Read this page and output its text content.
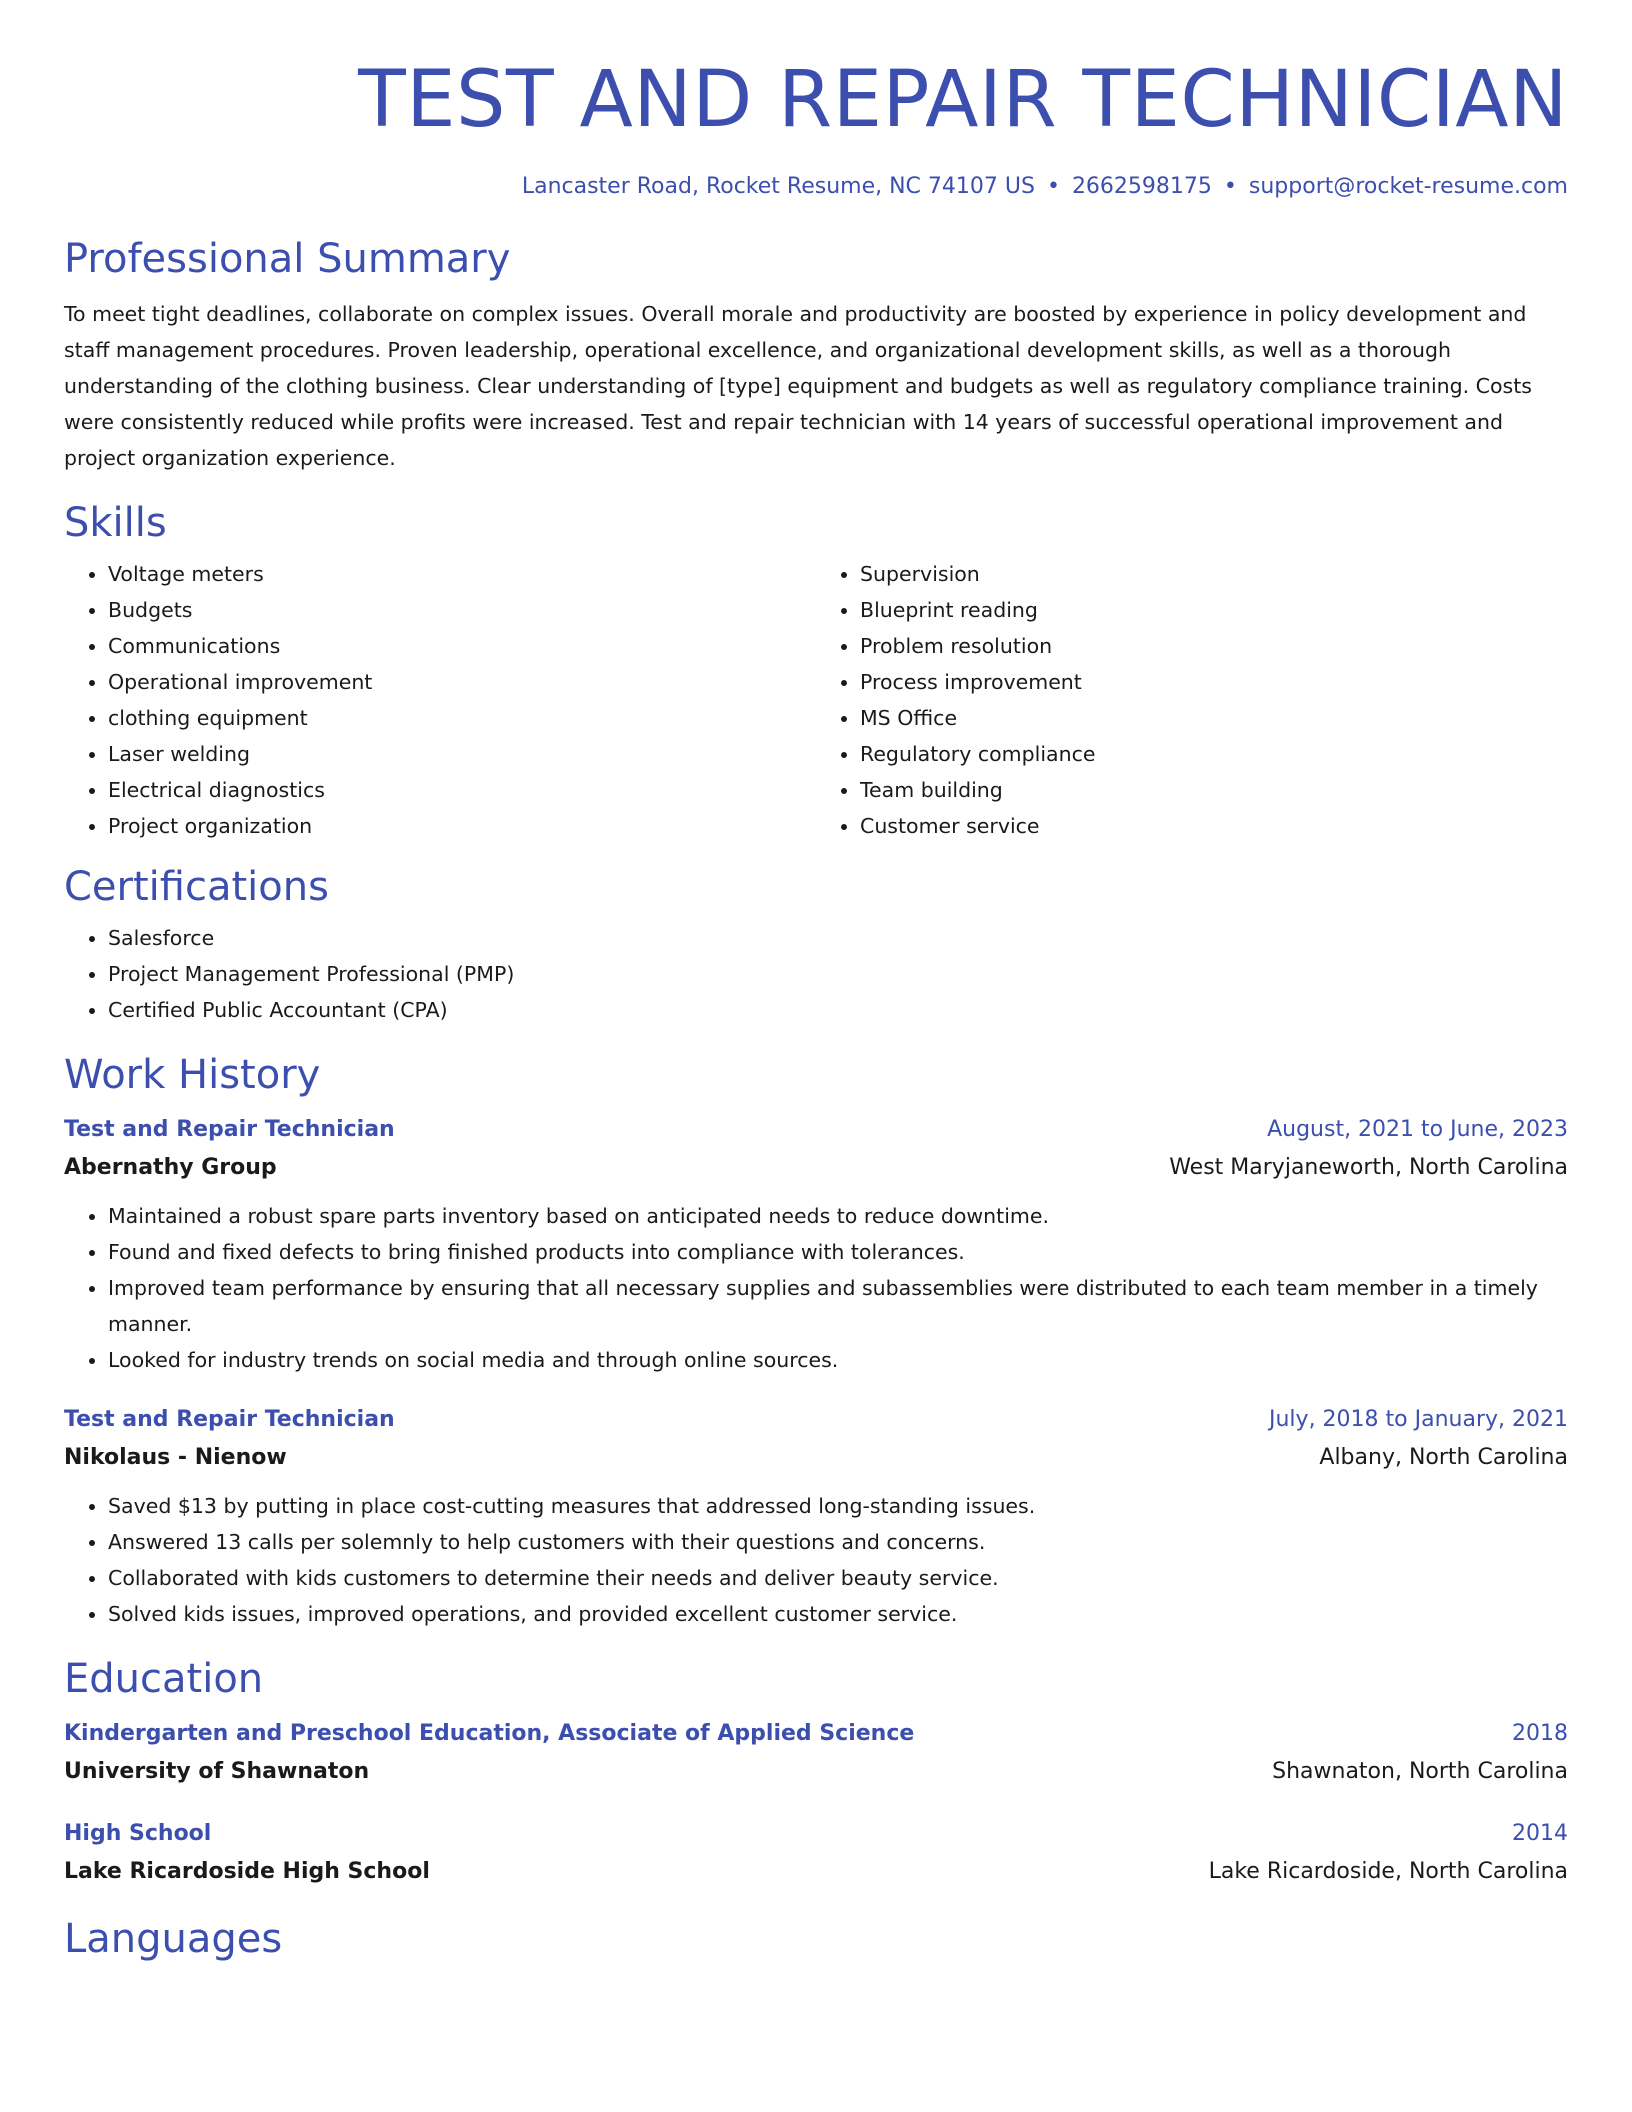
TEST AND REPAIR TECHNICIAN
Lancaster Road, Rocket Resume, NC 74107 US • 2662598175 • support@rocket-resume.com
Professional Summary

To meet tight deadlines, collaborate on complex issues. Overall morale and productivity are boosted by experience in policy development and staff management procedures. Proven leadership, operational excellence, and organizational development skills, as well as a thorough understanding of the clothing business. Clear understanding of [type] equipment and budgets as well as regulatory compliance training. Costs were consistently reduced while profits were increased. Test and repair technician with 14 years of successful operational improvement and project organization experience.

Skills
• Voltage meters
• Budgets
• Communications
• Operational improvement
• clothing equipment
• Laser welding
• Electrical diagnostics
• Project organization
• Supervision
• Blueprint reading
• Problem resolution
• Process improvement
• MS Office
• Regulatory compliance
• Team building
• Customer service
Certifications
• Salesforce
• Project Management Professional (PMP)
• Certified Public Accountant (CPA)
Work History
Test and Repair Technician	August, 2021 to June, 2023
Abernathy Group	West Maryjaneworth, North Carolina
• Maintained a robust spare parts inventory based on anticipated needs to reduce downtime.
• Found and fixed defects to bring finished products into compliance with tolerances.
• Improved team performance by ensuring that all necessary supplies and subassemblies were distributed to each team member in a timely manner.
• Looked for industry trends on social media and through online sources.
Test and Repair Technician	July, 2018 to January, 2021
Nikolaus - Nienow	Albany, North Carolina
• Saved $13 by putting in place cost-cutting measures that addressed long-standing issues.
• Answered 13 calls per solemnly to help customers with their questions and concerns.
• Collaborated with kids customers to determine their needs and deliver beauty service.
• Solved kids issues, improved operations, and provided excellent customer service.
Education
Kindergarten and Preschool Education, Associate of Applied Science	2018
University of Shawnaton	Shawnaton, North Carolina
High School	2014
Lake Ricardoside High School	Lake Ricardoside, North Carolina
Languages
